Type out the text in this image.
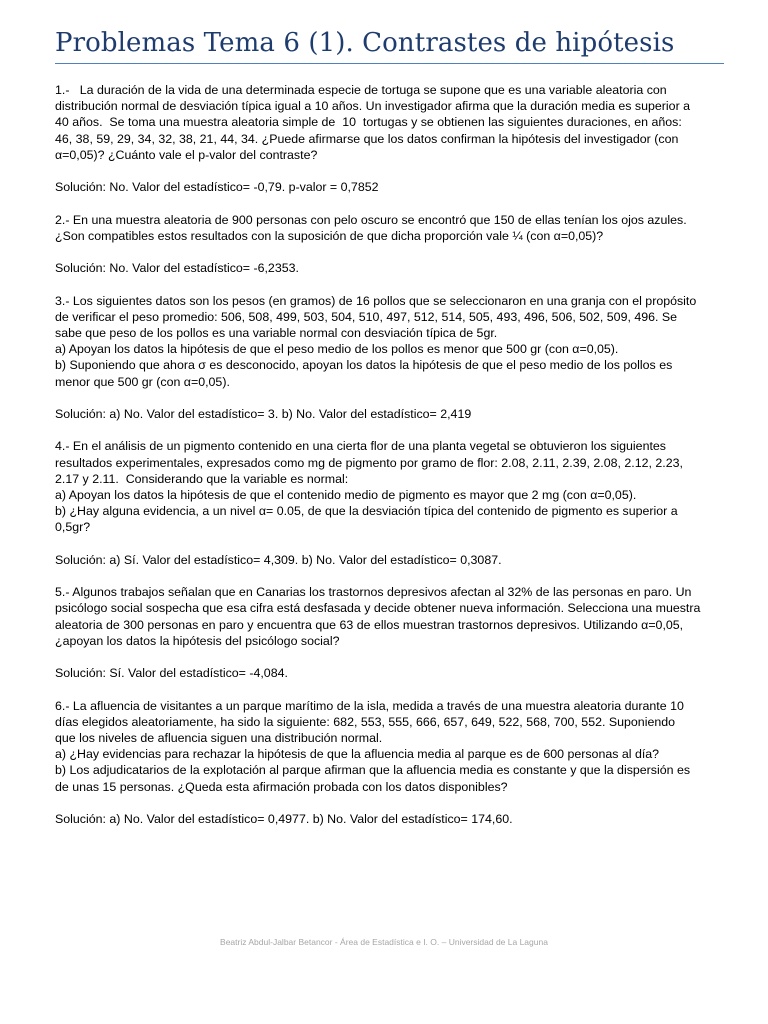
Problemas Tema 6 (1). Contrastes de hipótesis
1.-   La duración de la vida de una determinada especie de tortuga se supone que es una variable aleatoria con
distribución normal de desviación típica igual a 10 años. Un investigador afirma que la duración media es superior a
40 años.  Se toma una muestra aleatoria simple de  10  tortugas y se obtienen las siguientes duraciones, en años:
46, 38, 59, 29, 34, 32, 38, 21, 44, 34. ¿Puede afirmarse que los datos confirman la hipótesis del investigador (con
α=0,05)? ¿Cuánto vale el p-valor del contraste?
Solución: No. Valor del estadístico= -0,79. p-valor = 0,7852
2.- En una muestra aleatoria de 900 personas con pelo oscuro se encontró que 150 de ellas tenían los ojos azules.
¿Son compatibles estos resultados con la suposición de que dicha proporción vale ¼ (con α=0,05)?
Solución: No. Valor del estadístico= -6,2353.
3.- Los siguientes datos son los pesos (en gramos) de 16 pollos que se seleccionaron en una granja con el propósito
de verificar el peso promedio: 506, 508, 499, 503, 504, 510, 497, 512, 514, 505, 493, 496, 506, 502, 509, 496. Se
sabe que peso de los pollos es una variable normal con desviación típica de 5gr.
a) Apoyan los datos la hipótesis de que el peso medio de los pollos es menor que 500 gr (con α=0,05).
b) Suponiendo que ahora σ es desconocido, apoyan los datos la hipótesis de que el peso medio de los pollos es
menor que 500 gr (con α=0,05).
Solución: a) No. Valor del estadístico= 3. b) No. Valor del estadístico= 2,419
4.- En el análisis de un pigmento contenido en una cierta flor de una planta vegetal se obtuvieron los siguientes
resultados experimentales, expresados como mg de pigmento por gramo de flor: 2.08, 2.11, 2.39, 2.08, 2.12, 2.23,
2.17 y 2.11.  Considerando que la variable es normal:
a) Apoyan los datos la hipótesis de que el contenido medio de pigmento es mayor que 2 mg (con α=0,05).
b) ¿Hay alguna evidencia, a un nivel α= 0.05, de que la desviación típica del contenido de pigmento es superior a
0,5gr?
Solución: a) Sí. Valor del estadístico= 4,309. b) No. Valor del estadístico= 0,3087.
5.- Algunos trabajos señalan que en Canarias los trastornos depresivos afectan al 32% de las personas en paro. Un
psicólogo social sospecha que esa cifra está desfasada y decide obtener nueva información. Selecciona una muestra
aleatoria de 300 personas en paro y encuentra que 63 de ellos muestran trastornos depresivos. Utilizando α=0,05,
¿apoyan los datos la hipótesis del psicólogo social?
Solución: Sí. Valor del estadístico= -4,084.
6.- La afluencia de visitantes a un parque marítimo de la isla, medida a través de una muestra aleatoria durante 10
días elegidos aleatoriamente, ha sido la siguiente: 682, 553, 555, 666, 657, 649, 522, 568, 700, 552. Suponiendo
que los niveles de afluencia siguen una distribución normal.
a) ¿Hay evidencias para rechazar la hipótesis de que la afluencia media al parque es de 600 personas al día?
b) Los adjudicatarios de la explotación al parque afirman que la afluencia media es constante y que la dispersión es
de unas 15 personas. ¿Queda esta afirmación probada con los datos disponibles?
Solución: a) No. Valor del estadístico= 0,4977. b) No. Valor del estadístico= 174,60.
Beatriz Abdul-Jalbar Betancor - Área de Estadística e I. O. – Universidad de La Laguna
